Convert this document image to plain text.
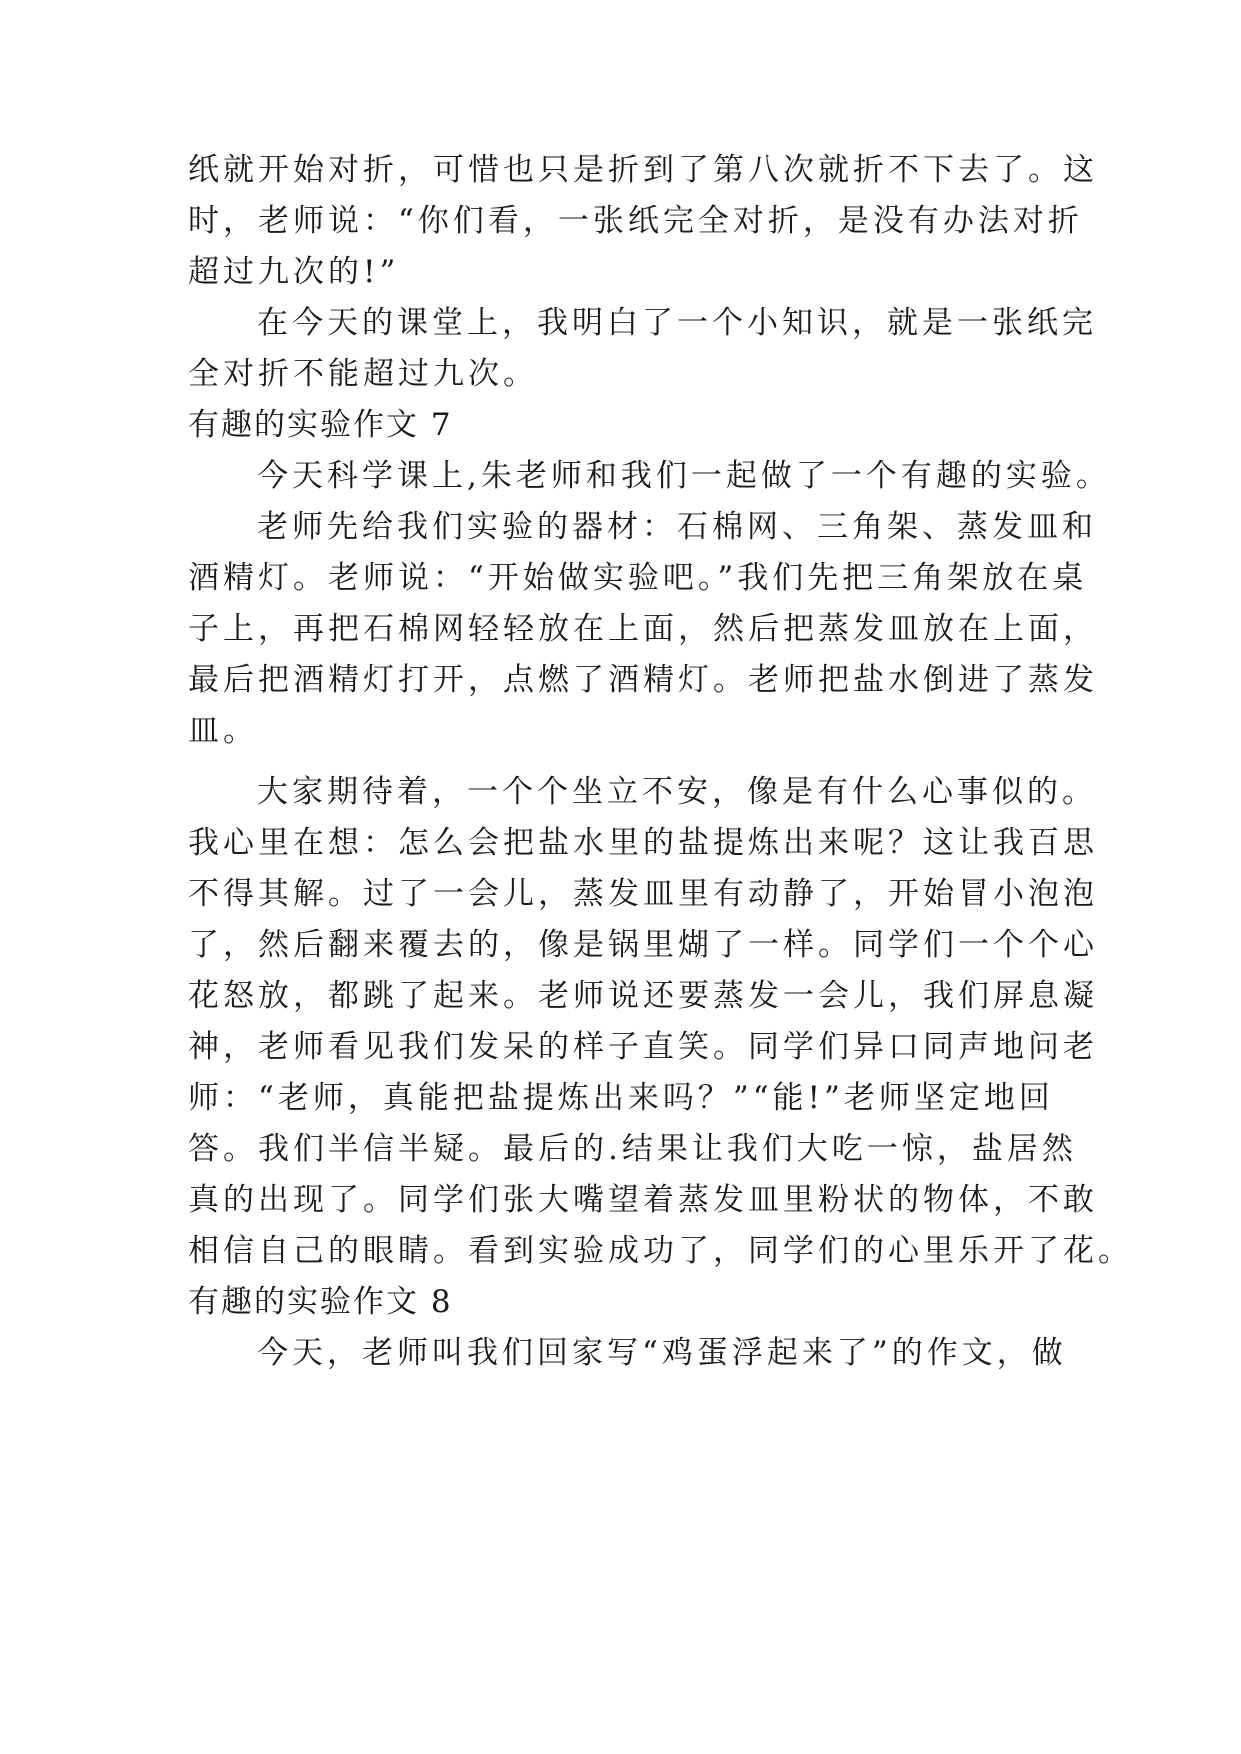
纸就开始对折，可惜也只是折到了第八次就折不下去了。这
时，老师说：“你们看，一张纸完全对折，是没有办法对折
超过九次的!”
在今天的课堂上，我明白了一个小知识，就是一张纸完
全对折不能超过九次。
有趣的实验作文 7
今天科学课上,朱老师和我们一起做了一个有趣的实验。
老师先给我们实验的器材：石棉网、三角架、蒸发皿和
酒精灯。老师说：“开始做实验吧。”我们先把三角架放在桌
子上，再把石棉网轻轻放在上面，然后把蒸发皿放在上面，
最后把酒精灯打开，点燃了酒精灯。老师把盐水倒进了蒸发
皿。
大家期待着，一个个坐立不安，像是有什么心事似的。
我心里在想：怎么会把盐水里的盐提炼出来呢？这让我百思
不得其解。过了一会儿，蒸发皿里有动静了，开始冒小泡泡
了，然后翻来覆去的，像是锅里煳了一样。同学们一个个心
花怒放，都跳了起来。老师说还要蒸发一会儿，我们屏息凝
神，老师看见我们发呆的样子直笑。同学们异口同声地问老
师：“老师，真能把盐提炼出来吗？”“能!”老师坚定地回
答。我们半信半疑。最后的.结果让我们大吃一惊，盐居然
真的出现了。同学们张大嘴望着蒸发皿里粉状的物体，不敢
相信自己的眼睛。看到实验成功了，同学们的心里乐开了花。
有趣的实验作文 8
今天，老师叫我们回家写“鸡蛋浮起来了”的作文，做
